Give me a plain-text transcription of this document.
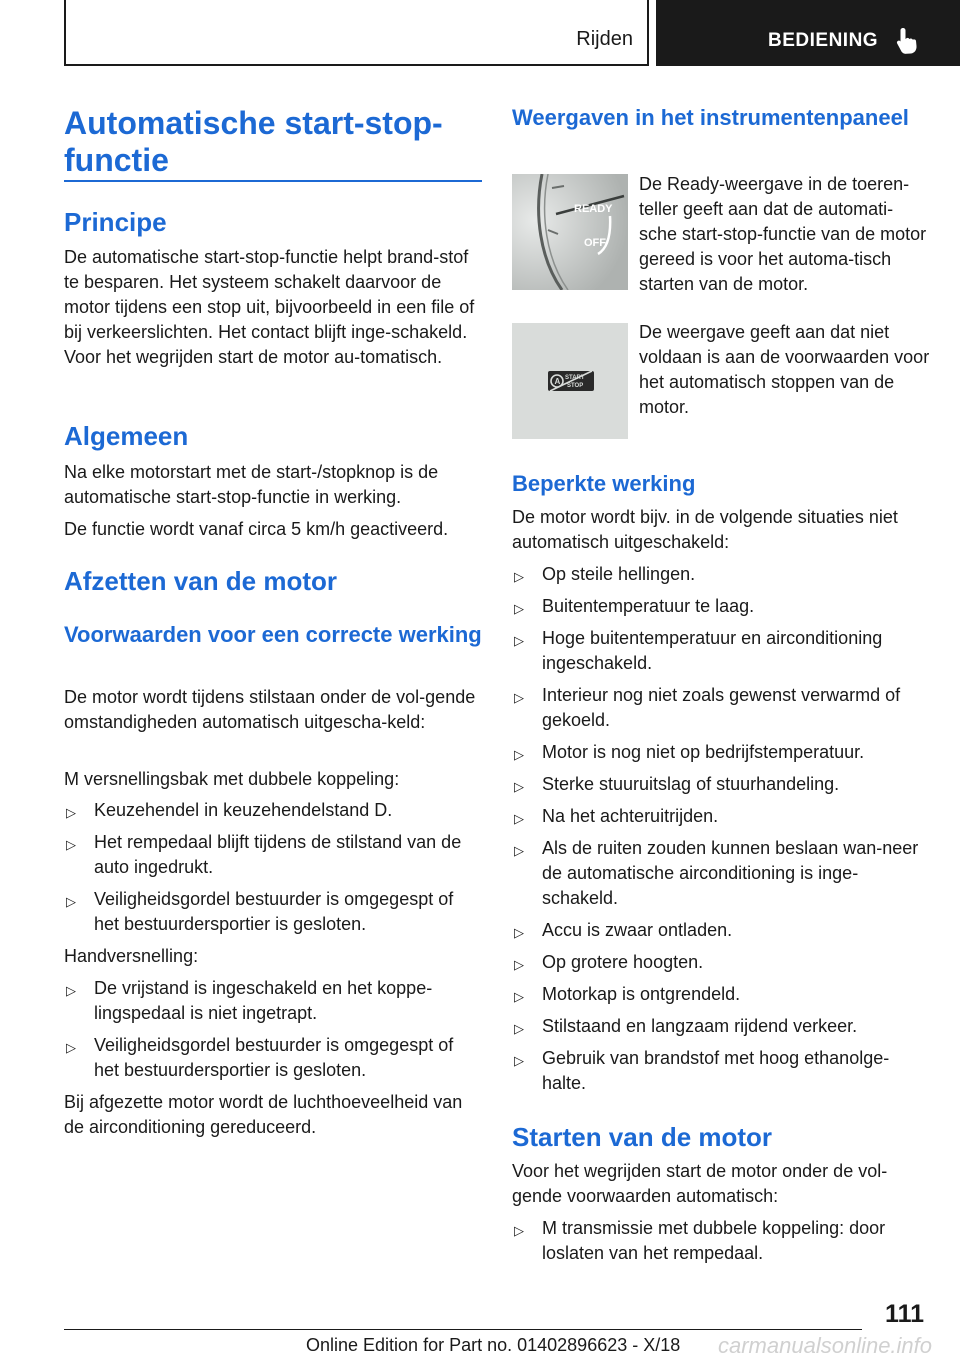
Rijden	BEDIENING
Automatische start-stop-functie
Principe
De automatische start-stop-functie helpt brand-stof te besparen. Het systeem schakelt daarvoor de motor tijdens een stop uit, bijvoorbeeld in een file of bij verkeerslichten. Het contact blijft inge-schakeld. Voor het wegrijden start de motor au-tomatisch.
Algemeen
Na elke motorstart met de start-/stopknop is de automatische start-stop-functie in werking.
De functie wordt vanaf circa 5 km/h geactiveerd.
Afzetten van de motor
Voorwaarden voor een correcte werking
De motor wordt tijdens stilstaan onder de vol-gende omstandigheden automatisch uitgescha-keld:
M versnellingsbak met dubbele koppeling:
▷ Keuzehendel in keuzehendelstand D.
▷ Het rempedaal blijft tijdens de stilstand van de auto ingedrukt.
▷ Veiligheidsgordel bestuurder is omgegespt of het bestuurdersportier is gesloten.
Handversnelling:
▷ De vrijstand is ingeschakeld en het koppe-lingspedaal is niet ingetrapt.
▷ Veiligheidsgordel bestuurder is omgegespt of het bestuurdersportier is gesloten.
Bij afgezette motor wordt de luchthoeveelheid van de airconditioning gereduceerd.
Weergaven in het instrumentenpaneel
READY
OFF
De Ready-weergave in de toeren-teller geeft aan dat de automati-sche start-stop-functie van de motor gereed is voor het automa-tisch starten van de motor.
A START
STOP
De weergave geeft aan dat niet voldaan is aan de voorwaarden voor het automatisch stoppen van de motor.
Beperkte werking
De motor wordt bijv. in de volgende situaties niet automatisch uitgeschakeld:
▷ Op steile hellingen.
▷ Buitentemperatuur te laag.
▷ Hoge buitentemperatuur en airconditioning ingeschakeld.
▷ Interieur nog niet zoals gewenst verwarmd of gekoeld.
▷ Motor is nog niet op bedrijfstemperatuur.
▷ Sterke stuuruitslag of stuurhandeling.
▷ Na het achteruitrijden.
▷ Als de ruiten zouden kunnen beslaan wan-neer de automatische airconditioning is inge-schakeld.
▷ Accu is zwaar ontladen.
▷ Op grotere hoogten.
▷ Motorkap is ontgrendeld.
▷ Stilstaand en langzaam rijdend verkeer.
▷ Gebruik van brandstof met hoog ethanolge-halte.
Starten van de motor
Voor het wegrijden start de motor onder de vol-gende voorwaarden automatisch:
▷ M transmissie met dubbele koppeling: door loslaten van het rempedaal.
111
Online Edition for Part no. 01402896623 - X/18 carmanualsonline.info
